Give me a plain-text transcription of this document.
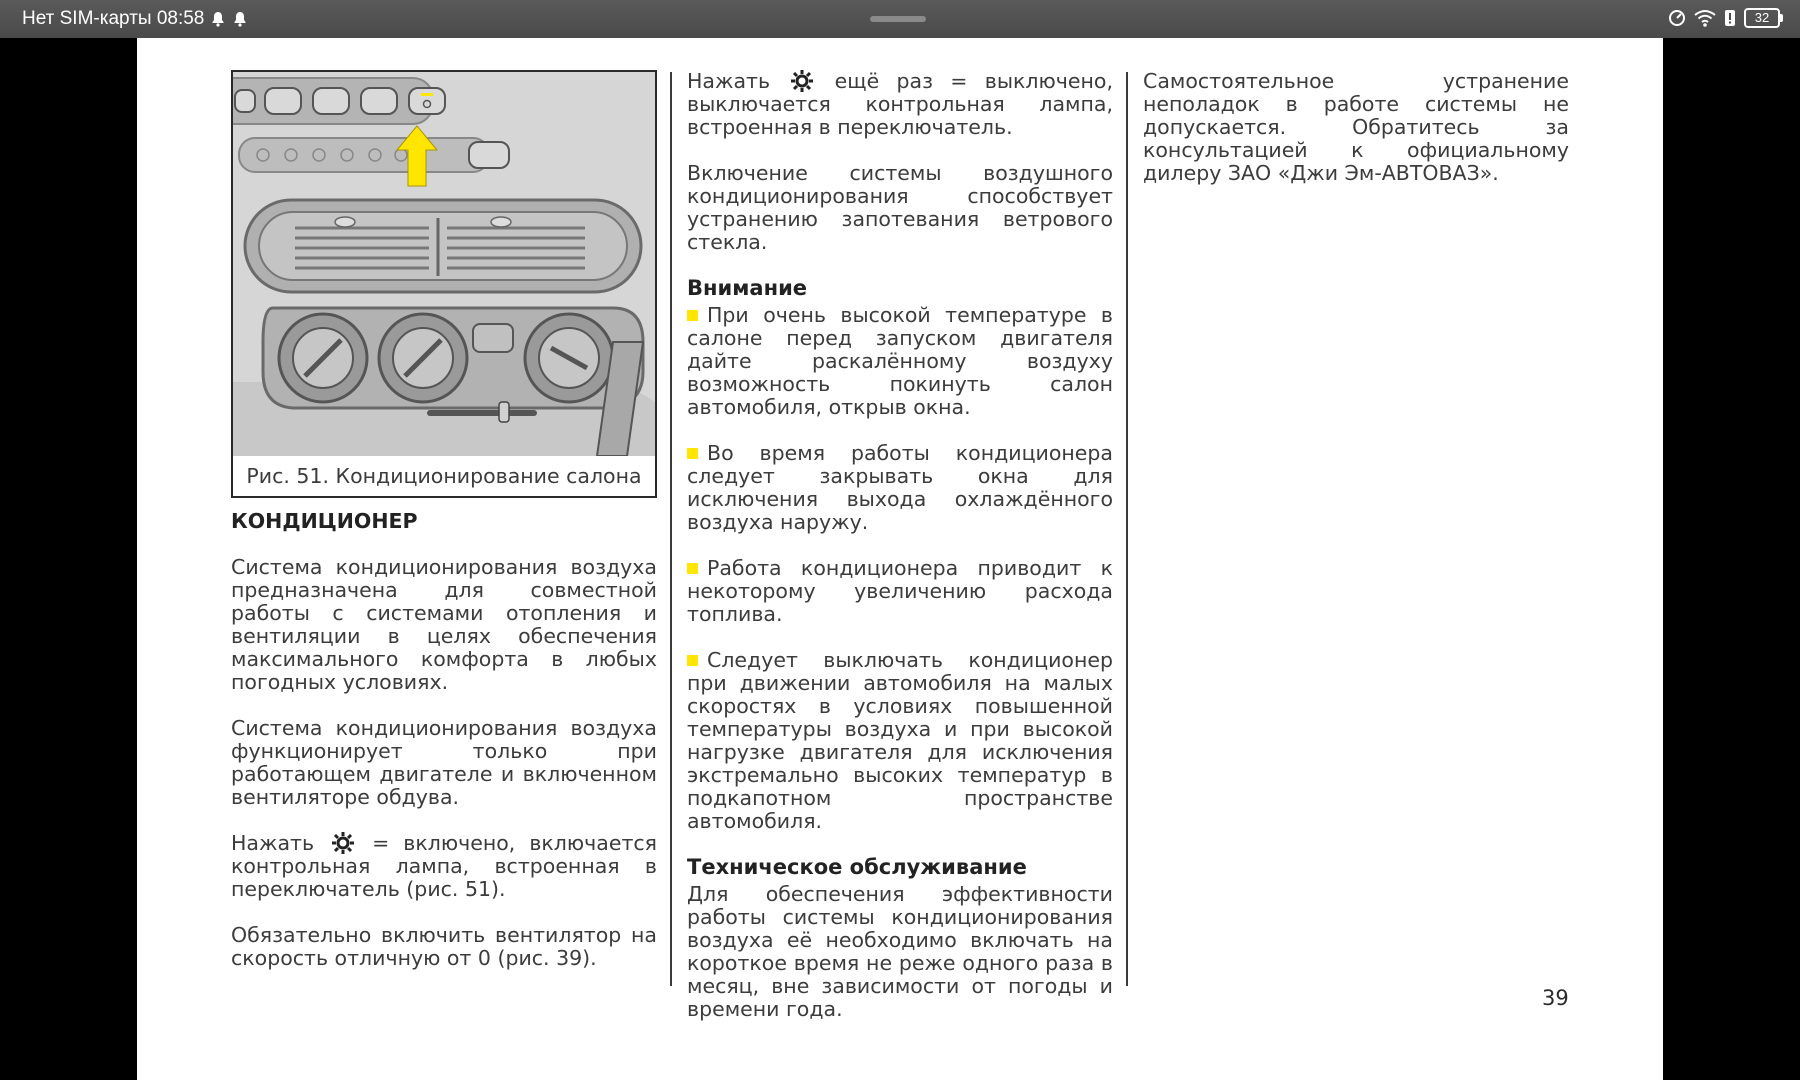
Нет SIM-карты 08:58	32
Рис. 51. Кондиционирование салона

КОНДИЦИОНЕР

Система кондиционирования воздуха предназначена для совместной работы с системами отопления и вентиляции в целях обеспечения максимального комфорта в любых погодных условиях.

Система кондиционирования воздуха функционирует только при работающем двигателе и включенном вентиляторе обдува.

Нажать	= включено, включается контрольная лампа, встроенная в переключатель (рис. 51).

Обязательно включить вентилятор на скорость отличную от 0 (рис. 39).

Нажать	ещё раз = выключено, выключается контрольная лампа, встроенная в переключатель.

Включение системы воздушного кондиционирования способствует устранению запотевания ветрового стекла.

Внимание

При очень высокой температуре в салоне перед запуском двигателя дайте раскалённому воздуху возможность покинуть салон автомобиля, открыв окна.

Во время работы кондиционера следует закрывать окна для исключения выхода охлаждённого воздуха наружу.

Работа кондиционера приводит к некоторому увеличению расхода топлива.

Следует выключать кондиционер при движении автомобиля на малых скоростях в условиях повышенной температуры воздуха и при высокой нагрузке двигателя для исключения экстремально высоких температур в подкапотном пространстве автомобиля.

Техническое обслуживание

Для обеспечения эффективности работы системы кондиционирования воздуха её необходимо включать на короткое время не реже одного раза в месяц, вне зависимости от погоды и времени года.

Самостоятельное устранение неполадок в работе системы не допускается. Обратитесь за консультацией к официальному дилеру ЗАО «Джи Эм-АВТОВАЗ».

39
